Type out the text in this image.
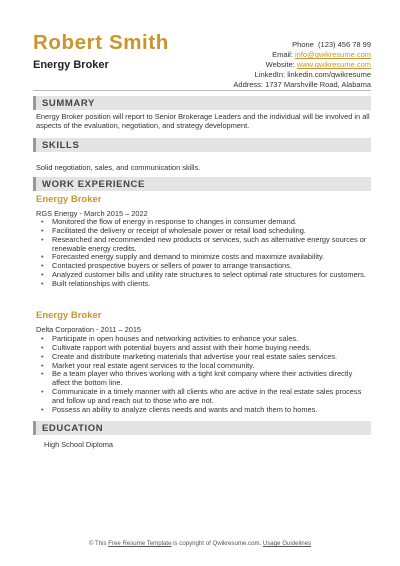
Robert Smith
Energy Broker
Phone (123) 456 78 99
Email: info@qwikresume.com
Website: www.qwikresume.com
LinkedIn: linkedin.com/qwikresume
Address: 1737 Marshville Road, Alabama
SUMMARY
Energy Broker position will report to Senior Brokerage Leaders and the individual will be involved in all aspects of the evaluation, negotiation, and strategy development.
SKILLS
Solid negotiation, sales, and communication skills.
WORK EXPERIENCE
Energy Broker
RGS Energy - March 2015 – 2022
• Monitored the flow of energy in response to changes in consumer demand.
• Facilitated the delivery or receipt of wholesale power or retail load scheduling.
• Researched and recommended new products or services, such as alternative energy sources or renewable energy credits.
• Forecasted energy supply and demand to minimize costs and maximize availability.
• Contacted prospective buyers or sellers of power to arrange transactions.
• Analyzed customer bills and utility rate structures to select optimal rate structures for customers.
• Built relationships with clients.
Energy Broker
Delta Corporation - 2011 – 2015
• Participate in open houses and networking activities to enhance your sales.
• Cultivate rapport with potential buyers and assist with their home buying needs.
• Create and distribute marketing materials that advertise your real estate sales services.
• Market your real estate agent services to the local community.
• Be a team player who thrives working with a tight knit company where their activities directly affect the bottom line.
• Communicate in a timely manner with all clients who are active in the real estate sales process and follow up and reach out to those who are not.
• Possess an ability to analyze clients needs and wants and match them to homes.
EDUCATION
High School Diploma
© This Free Resume Template is copyright of Qwikresume.com. Usage Guidelines
